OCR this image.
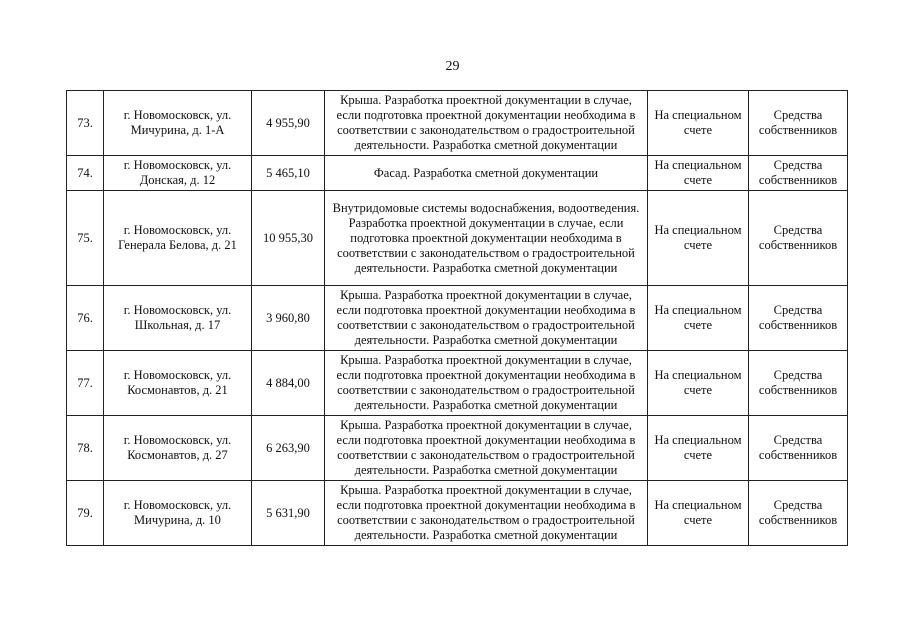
29
73.	г. Новомосковск, ул. Мичурина, д. 1-А	4 955,90	Крыша. Разработка проектной документации в случае, если подготовка проектной документации необходима в соответствии с законодательством о градостроительной деятельности. Разработка сметной документации	На специальном счете	Средства собственников
74.	г. Новомосковск, ул. Донская, д. 12	5 465,10	Фасад. Разработка сметной документации	На специальном счете	Средства собственников
75.	г. Новомосковск, ул. Генерала Белова, д. 21	10 955,30	Внутридомовые системы водоснабжения, водоотведения. Разработка проектной документации в случае, если подготовка проектной документации необходима в соответствии с законодательством о градостроительной деятельности. Разработка сметной документации	На специальном счете	Средства собственников
76.	г. Новомосковск, ул. Школьная, д. 17	3 960,80	Крыша. Разработка проектной документации в случае, если подготовка проектной документации необходима в соответствии с законодательством о градостроительной деятельности. Разработка сметной документации	На специальном счете	Средства собственников
77.	г. Новомосковск, ул. Космонавтов, д. 21	4 884,00	Крыша. Разработка проектной документации в случае, если подготовка проектной документации необходима в соответствии с законодательством о градостроительной деятельности. Разработка сметной документации	На специальном счете	Средства собственников
78.	г. Новомосковск, ул. Космонавтов, д. 27	6 263,90	Крыша. Разработка проектной документации в случае, если подготовка проектной документации необходима в соответствии с законодательством о градостроительной деятельности. Разработка сметной документации	На специальном счете	Средства собственников
79.	г. Новомосковск, ул. Мичурина, д. 10	5 631,90	Крыша. Разработка проектной документации в случае, если подготовка проектной документации необходима в соответствии с законодательством о градостроительной деятельности. Разработка сметной документации	На специальном счете	Средства собственников
